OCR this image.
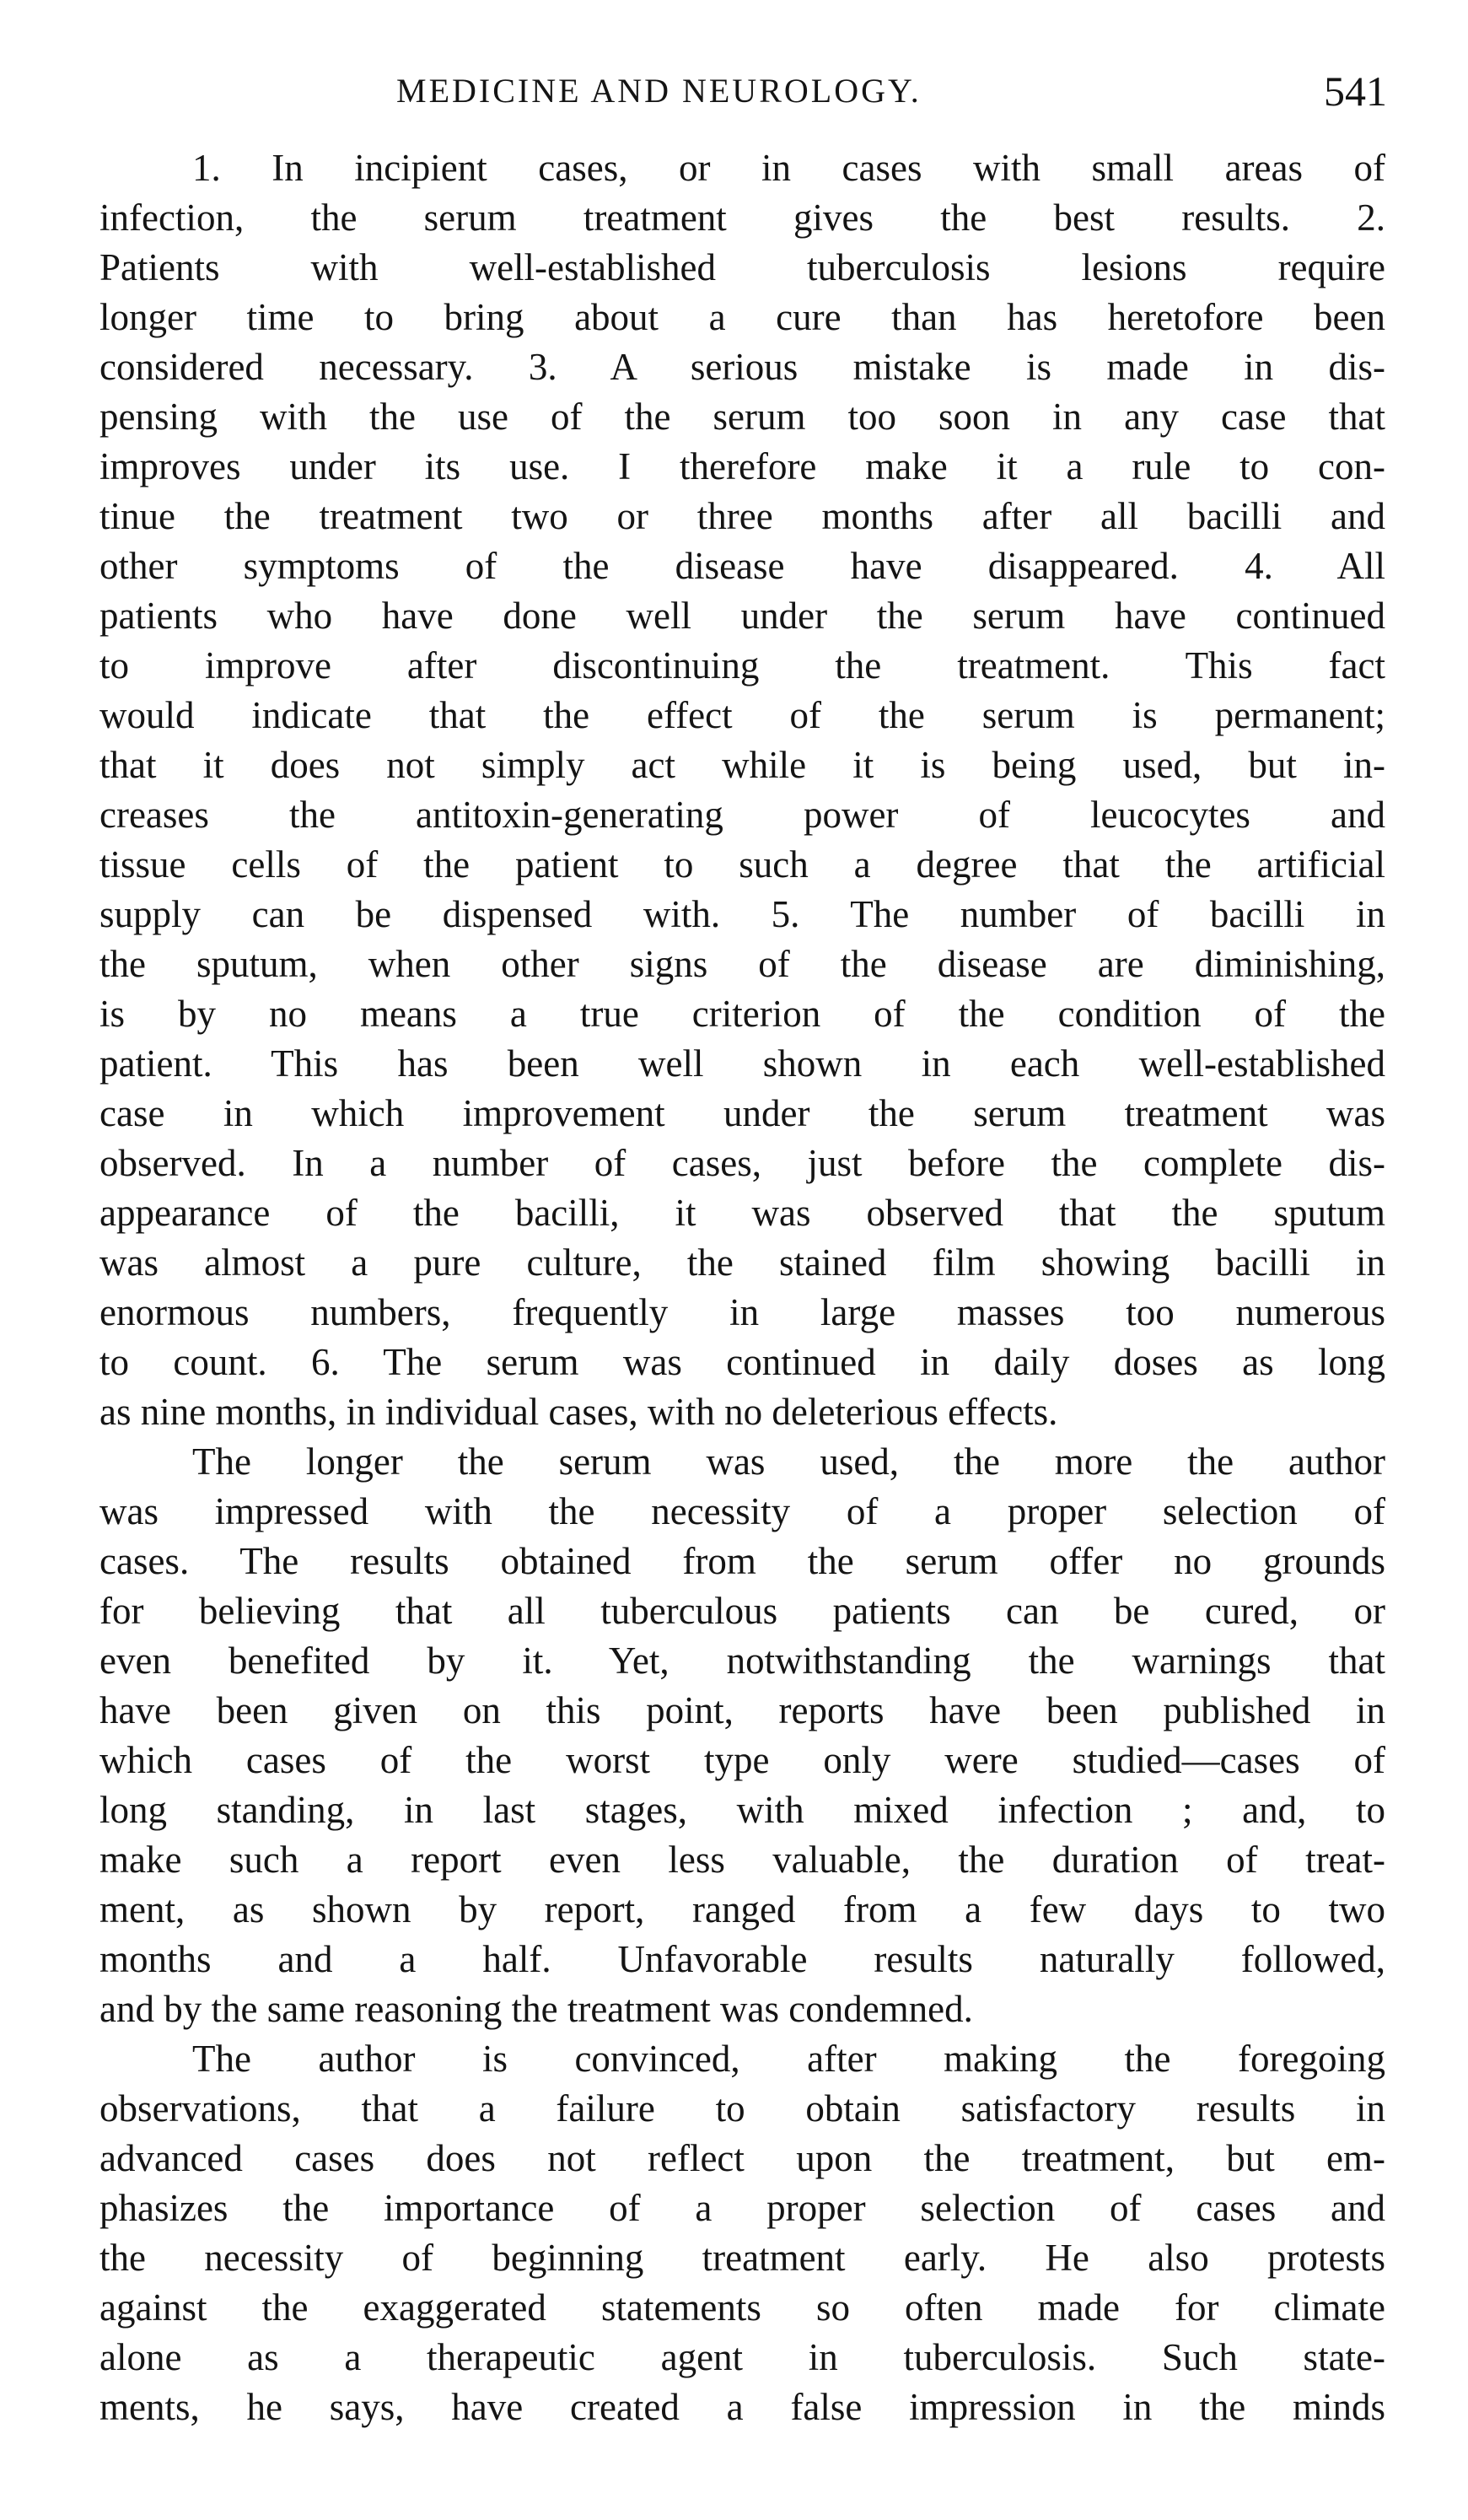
MEDICINE AND NEUROLOGY.	541
1. In incipient cases, or in cases with small areas of
infection, the serum treatment gives the best results. 2.
Patients with well-established tuberculosis lesions require
longer time to bring about a cure than has heretofore been
considered necessary. 3. A serious mistake is made in dis-
pensing with the use of the serum too soon in any case that
improves under its use. I therefore make it a rule to con-
tinue the treatment two or three months after all bacilli and
other symptoms of the disease have disappeared. 4. All
patients who have done well under the serum have continued
to improve after discontinuing the treatment. This fact
would indicate that the effect of the serum is permanent;
that it does not simply act while it is being used, but in-
creases the antitoxin-generating power of leucocytes and
tissue cells of the patient to such a degree that the artificial
supply can be dispensed with. 5. The number of bacilli in
the sputum, when other signs of the disease are diminishing,
is by no means a true criterion of the condition of the
patient. This has been well shown in each well-established
case in which improvement under the serum treatment was
observed. In a number of cases, just before the complete dis-
appearance of the bacilli, it was observed that the sputum
was almost a pure culture, the stained film showing bacilli in
enormous numbers, frequently in large masses too numerous
to count. 6. The serum was continued in daily doses as long
as nine months, in individual cases, with no deleterious effects.
The longer the serum was used, the more the author
was impressed with the necessity of a proper selection of
cases. The results obtained from the serum offer no grounds
for believing that all tuberculous patients can be cured, or
even benefited by it. Yet, notwithstanding the warnings that
have been given on this point, reports have been published in
which cases of the worst type only were studied—cases of
long standing, in last stages, with mixed infection ; and, to
make such a report even less valuable, the duration of treat-
ment, as shown by report, ranged from a few days to two
months and a half. Unfavorable results naturally followed,
and by the same reasoning the treatment was condemned.
The author is convinced, after making the foregoing
observations, that a failure to obtain satisfactory results in
advanced cases does not reflect upon the treatment, but em-
phasizes the importance of a proper selection of cases and
the necessity of beginning treatment early. He also protests
against the exaggerated statements so often made for climate
alone as a therapeutic agent in tuberculosis. Such state-
ments, he says, have created a false impression in the minds
